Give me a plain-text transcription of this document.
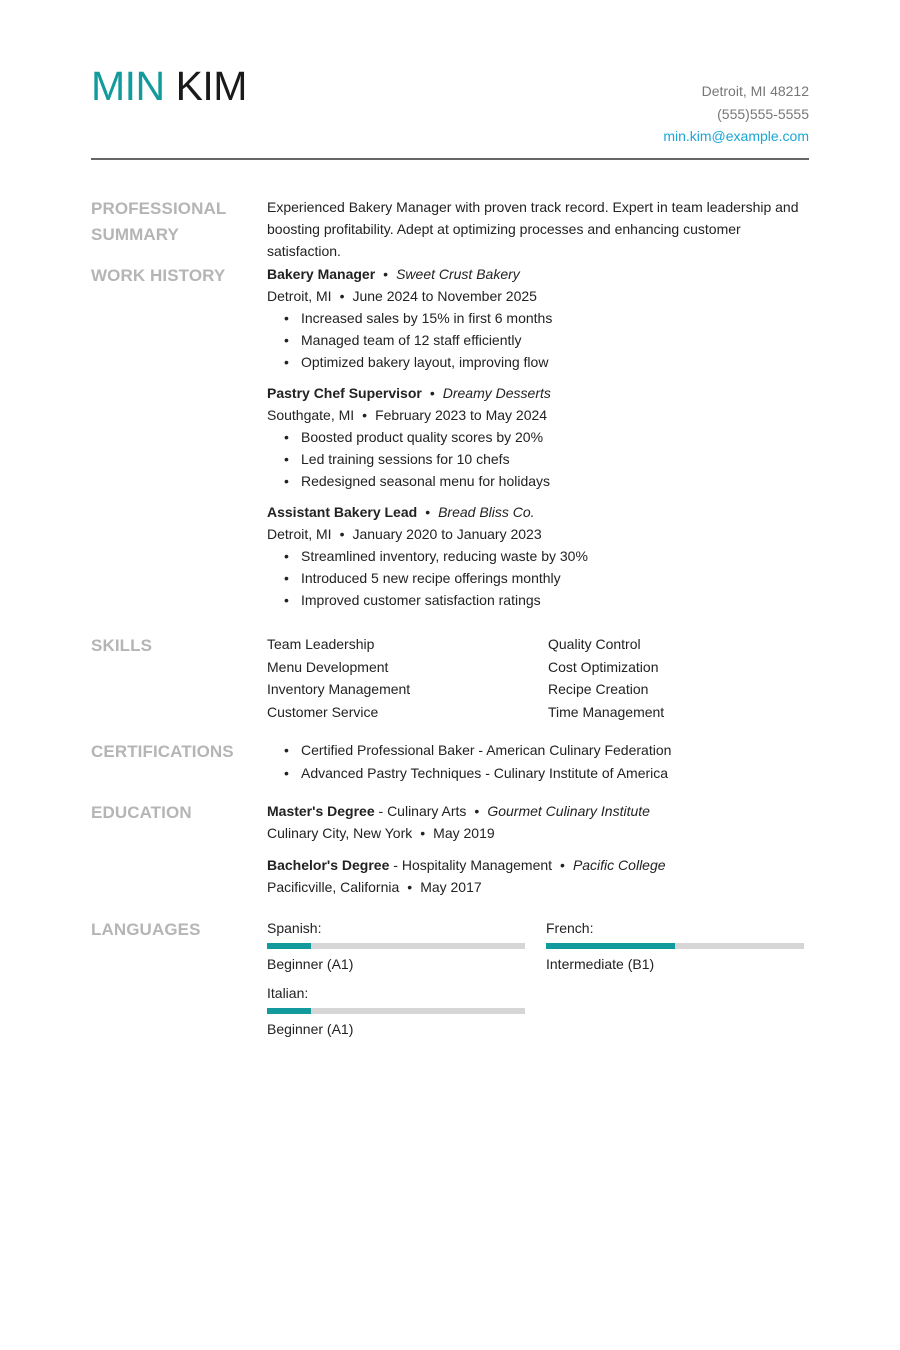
MIN KIM	Detroit, MI 48212
(555)555-5555
min.kim@example.com
PROFESSIONAL
SUMMARY
Experienced Bakery Manager with proven track record. Expert in team leadership and boosting profitability. Adept at optimizing processes and enhancing customer satisfaction.
WORK HISTORY	Bakery Manager • Sweet Crust Bakery
Detroit, MI • June 2024 to November 2025
• Increased sales by 15% in first 6 months
• Managed team of 12 staff efficiently
• Optimized bakery layout, improving flow
Pastry Chef Supervisor • Dreamy Desserts
Southgate, MI • February 2023 to May 2024
• Boosted product quality scores by 20%
• Led training sessions for 10 chefs
• Redesigned seasonal menu for holidays
Assistant Bakery Lead • Bread Bliss Co.
Detroit, MI • January 2020 to January 2023
• Streamlined inventory, reducing waste by 30%
• Introduced 5 new recipe offerings monthly
• Improved customer satisfaction ratings
SKILLS	Team Leadership	Quality Control
Menu Development	Cost Optimization
Inventory Management	Recipe Creation
Customer Service	Time Management
CERTIFICATIONS
•	Certified Professional Baker - American Culinary Federation
• Advanced Pastry Techniques - Culinary Institute of America
EDUCATION	Master's Degree - Culinary Arts • Gourmet Culinary Institute
Culinary City, New York • May 2019
Bachelor's Degree - Hospitality Management • Pacific College
Pacificville, California • May 2017
LANGUAGES	Spanish:
Beginner (A1)
French:
Intermediate (B1)
Italian:
Beginner (A1)
